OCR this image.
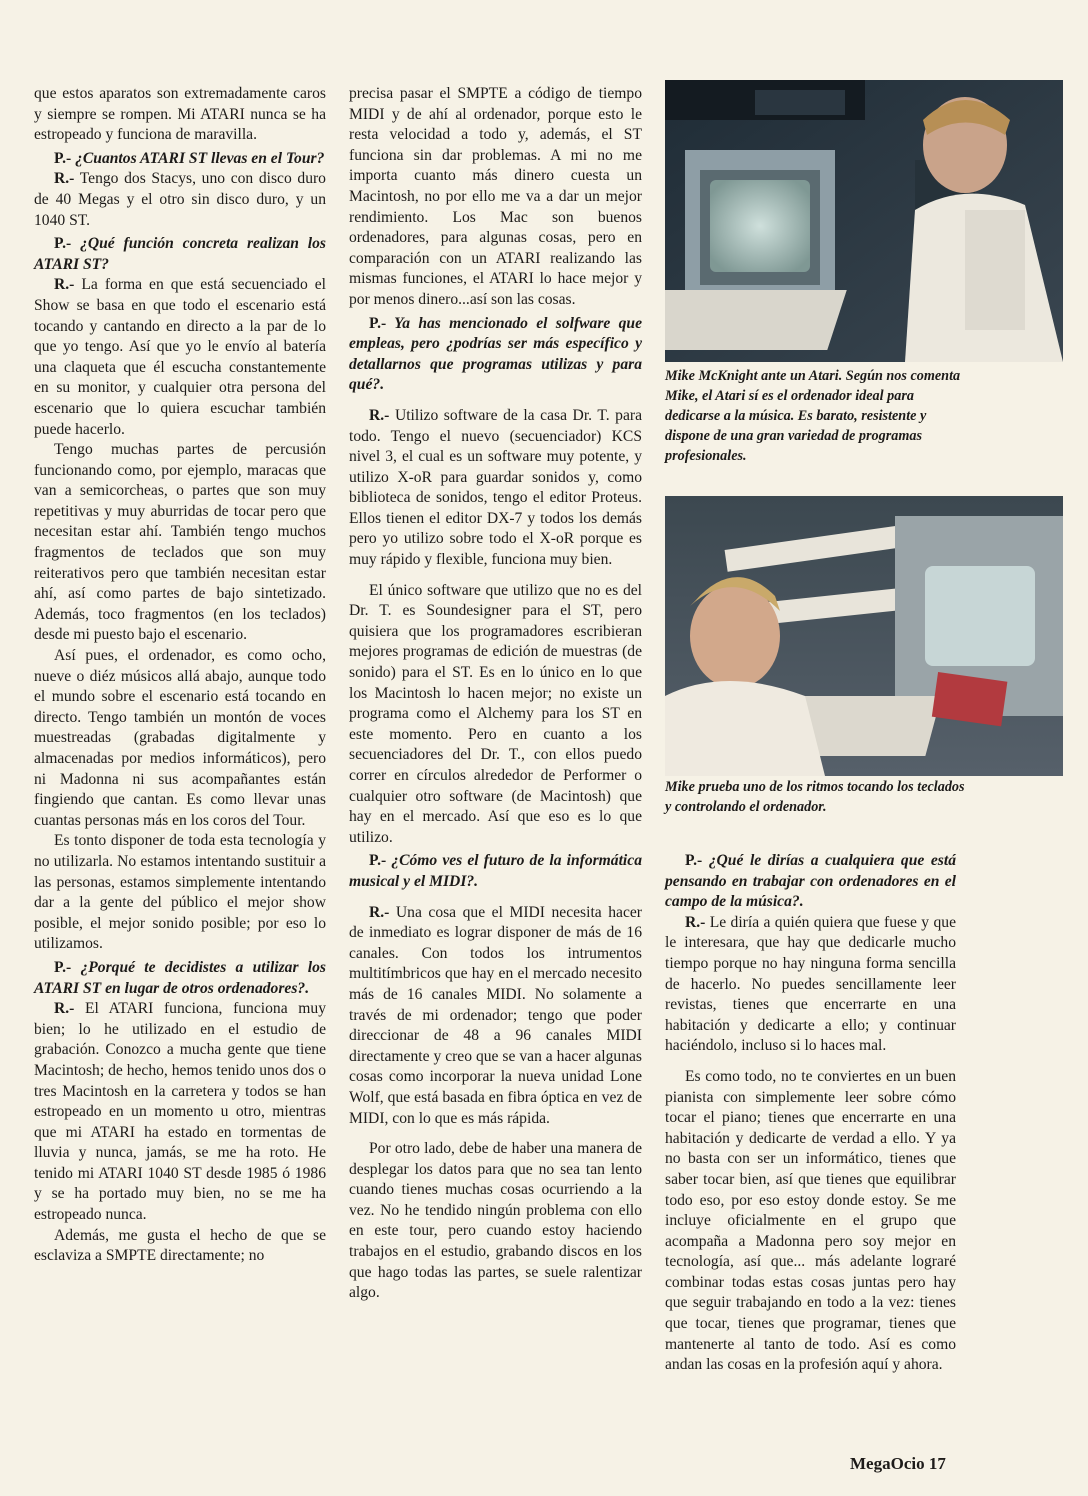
que estos aparatos son extremadamente caros y siempre se rompen. Mi ATARI nunca se ha estropeado y funciona de maravilla.

P.- ¿Cuantos ATARI ST llevas en el Tour?

R.- Tengo dos Stacys, uno con disco duro de 40 Megas y el otro sin disco duro, y un 1040 ST.

P.- ¿Qué función concreta realizan los ATARI ST?

R.- La forma en que está secuenciado el Show se basa en que todo el escenario está tocando y cantando en directo a la par de lo que yo tengo. Así que yo le envío al batería una claqueta que él escucha constantemente en su monitor, y cualquier otra persona del escenario que lo quiera escuchar también puede hacerlo.

Tengo muchas partes de percusión funcionando como, por ejemplo, maracas que van a semicorcheas, o partes que son muy repetitivas y muy aburridas de tocar pero que necesitan estar ahí. También tengo muchos fragmentos de teclados que son muy reiterativos pero que también necesitan estar ahí, así como partes de bajo sintetizado. Además, toco fragmentos (en los teclados) desde mi puesto bajo el escenario.

Así pues, el ordenador, es como ocho, nueve o diéz músicos allá abajo, aunque todo el mundo sobre el escenario está tocando en directo. Tengo también un montón de voces muestreadas (grabadas digitalmente y almacenadas por medios informáticos), pero ni Madonna ni sus acompañantes están fingiendo que cantan. Es como llevar unas cuantas personas más en los coros del Tour.

Es tonto disponer de toda esta tecnología y no utilizarla. No estamos intentando sustituir a las personas, estamos simplemente intentando dar a la gente del público el mejor show posible, el mejor sonido posible; por eso lo utilizamos.

P.- ¿Porqué te decidistes a utilizar los ATARI ST en lugar de otros ordenadores?.

R.- El ATARI funciona, funciona muy bien; lo he utilizado en el estudio de grabación. Conozco a mucha gente que tiene Macintosh; de hecho, hemos tenido unos dos o tres Macintosh en la carretera y todos se han estropeado en un momento u otro, mientras que mi ATARI ha estado en tormentas de lluvia y nunca, jamás, se me ha roto. He tenido mi ATARI 1040 ST desde 1985 ó 1986 y se ha portado muy bien, no se me ha estropeado nunca.

Además, me gusta el hecho de que se esclaviza a SMPTE directamente; no

precisa pasar el SMPTE a código de tiempo MIDI y de ahí al ordenador, porque esto le resta velocidad a todo y, además, el ST funciona sin dar problemas. A mi no me importa cuanto más dinero cuesta un Macintosh, no por ello me va a dar un mejor rendimiento. Los Mac son buenos ordenadores, para algunas cosas, pero en comparación con un ATARI realizando las mismas funciones, el ATARI lo hace mejor y por menos dinero...así son las cosas.

P.- Ya has mencionado el solfware que empleas, pero ¿podrías ser más específico y detallarnos que programas utilizas y para qué?.

R.- Utilizo software de la casa Dr. T. para todo. Tengo el nuevo (secuenciador) KCS nivel 3, el cual es un software muy potente, y utilizo X-oR para guardar sonidos y, como biblioteca de sonidos, tengo el editor Proteus. Ellos tienen el editor DX-7 y todos los demás pero yo utilizo sobre todo el X-oR porque es muy rápido y flexible, funciona muy bien.

El único software que utilizo que no es del Dr. T. es Soundesigner para el ST, pero quisiera que los programadores escribieran mejores programas de edición de muestras (de sonido) para el ST. Es en lo único en lo que los Macintosh lo hacen mejor; no existe un programa como el Alchemy para los ST en este momento. Pero en cuanto a los secuenciadores del Dr. T., con ellos puedo correr en círculos alrededor de Performer o cualquier otro software (de Macintosh) que hay en el mercado. Así que eso es lo que utilizo.

P.- ¿Cómo ves el futuro de la informática musical y el MIDI?.

R.- Una cosa que el MIDI necesita hacer de inmediato es lograr disponer de más de 16 canales. Con todos los intrumentos multitímbricos que hay en el mercado necesito más de 16 canales MIDI. No solamente a través de mi ordenador; tengo que poder direccionar de 48 a 96 canales MIDI directamente y creo que se van a hacer algunas cosas como incorporar la nueva unidad Lone Wolf, que está basada en fibra óptica en vez de MIDI, con lo que es más rápida.

Por otro lado, debe de haber una manera de desplegar los datos para que no sea tan lento cuando tienes muchas cosas ocurriendo a la vez. No he tendido ningún problema con ello en este tour, pero cuando estoy haciendo trabajos en el estudio, grabando discos en los que hago todas las partes, se suele ralentizar algo.

Mike McKnight ante un Atari. Según nos comenta Mike, el Atari sí es el ordenador ideal para dedicarse a la música. Es barato, resistente y dispone de una gran variedad de programas profesionales.
Mike prueba uno de los ritmos tocando los teclados y controlando el ordenador.

P.- ¿Qué le dirías a cualquiera que está pensando en trabajar con ordenadores en el campo de la música?.

R.- Le diría a quién quiera que fuese y que le interesara, que hay que dedicarle mucho tiempo porque no hay ninguna forma sencilla de hacerlo. No puedes sencillamente leer revistas, tienes que encerrarte en una habitación y dedicarte a ello; y continuar haciéndolo, incluso si lo haces mal.

Es como todo, no te conviertes en un buen pianista con simplemente leer sobre cómo tocar el piano; tienes que encerrarte en una habitación y dedicarte de verdad a ello. Y ya no basta con ser un informático, tienes que saber tocar bien, así que tienes que equilibrar todo eso, por eso estoy donde estoy. Se me incluye oficialmente en el grupo que acompaña a Madonna pero soy mejor en tecnología, así que... más adelante lograré combinar todas estas cosas juntas pero hay que seguir trabajando en todo a la vez: tienes que tocar, tienes que programar, tienes que mantenerte al tanto de todo. Así es como andan las cosas en la profesión aquí y ahora.

MegaOcio 17
